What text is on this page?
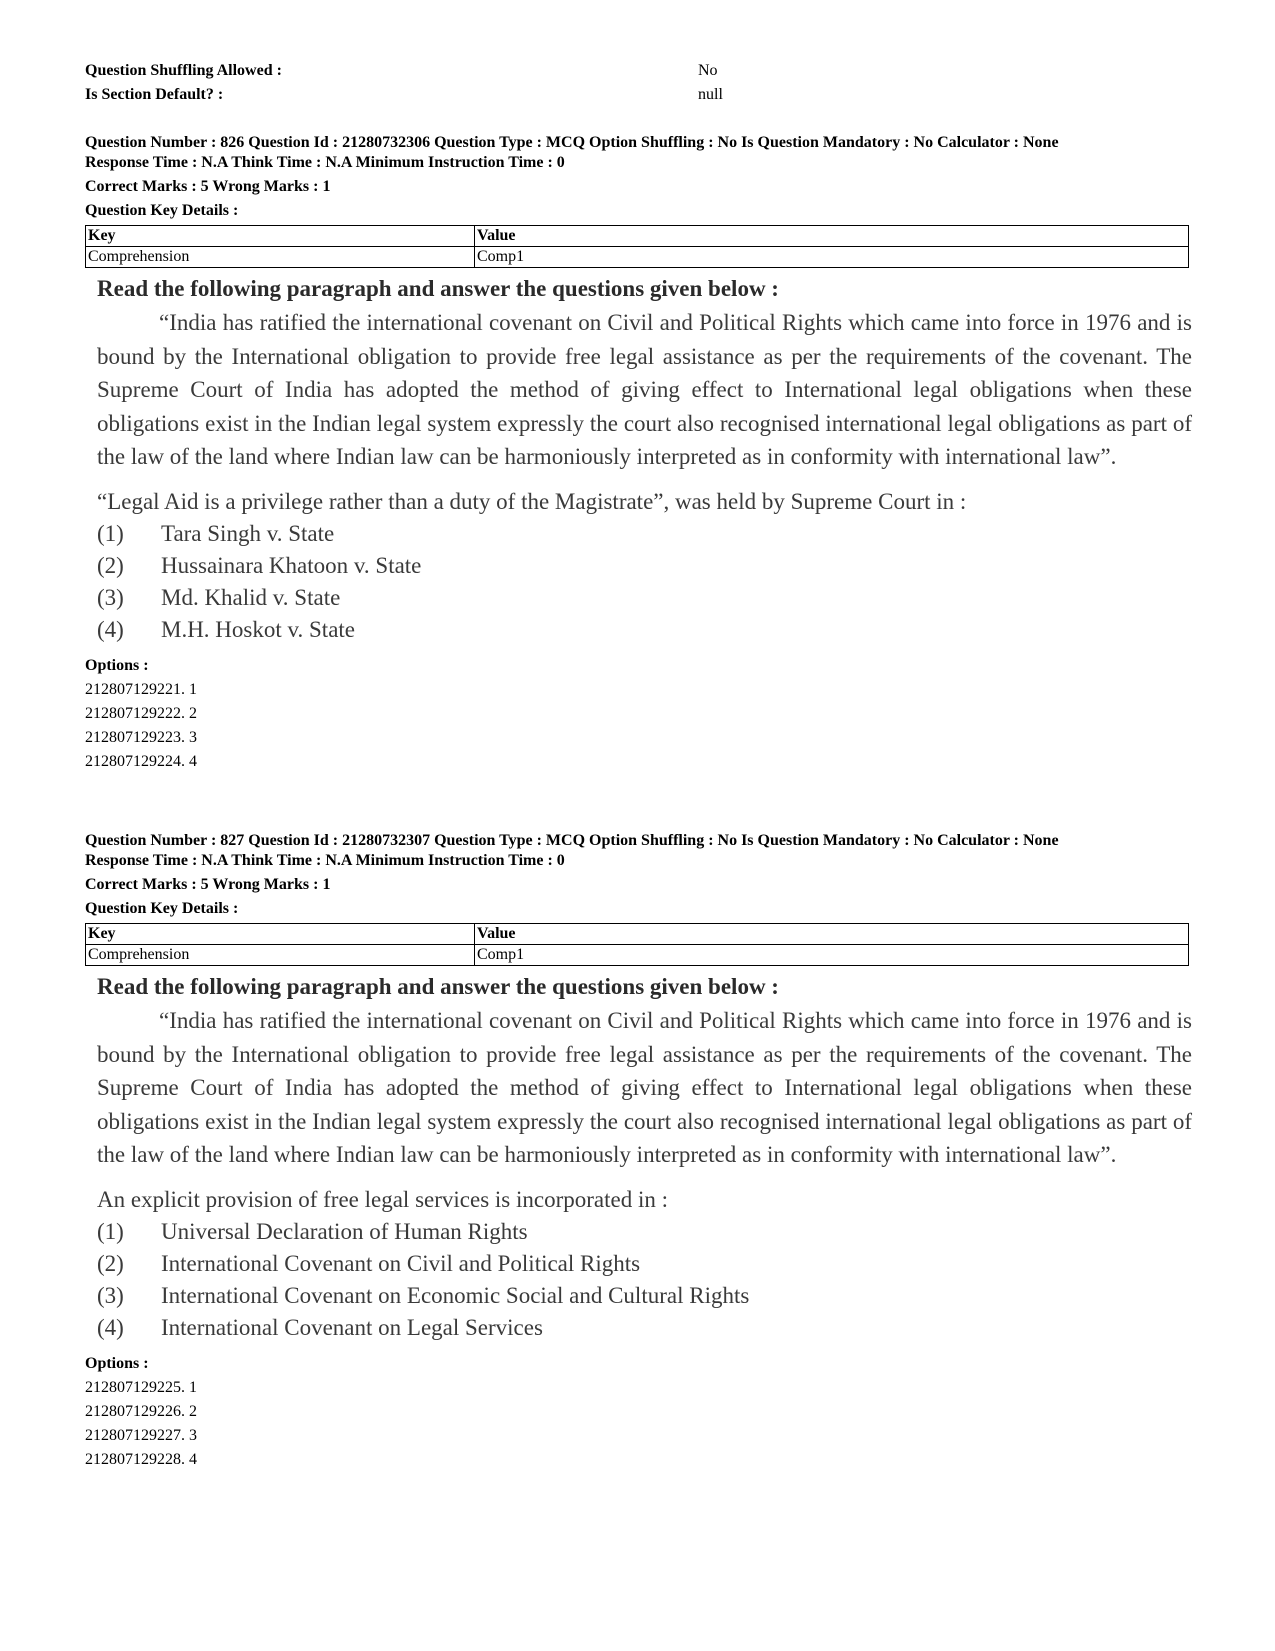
Question Shuffling Allowed :	No
Is Section Default? :	null
Question Number : 826 Question Id : 21280732306 Question Type : MCQ Option Shuffling : No Is Question Mandatory : No Calculator : None
Response Time : N.A Think Time : N.A Minimum Instruction Time : 0
Correct Marks : 5 Wrong Marks : 1
Question Key Details :
Key	Value
Comprehension	Comp1
Read the following paragraph and answer the questions given below :
“India has ratified the international covenant on Civil and Political Rights which came into force in 1976 and is bound by the International obligation to provide free legal assistance as per the requirements of the covenant. The Supreme Court of India has adopted the method of giving effect to International legal obligations when these obligations exist in the Indian legal system expressly the court also recognised international legal obligations as part of the law of the land where Indian law can be harmoniously interpreted as in conformity with international law”.
“Legal Aid is a privilege rather than a duty of the Magistrate”, was held by Supreme Court in :
(1)	Tara Singh v. State
(2)	Hussainara Khatoon v. State
(3)	Md. Khalid v. State
(4)	M.H. Hoskot v. State
Options :
212807129221. 1
212807129222. 2
212807129223. 3
212807129224. 4
Question Number : 827 Question Id : 21280732307 Question Type : MCQ Option Shuffling : No Is Question Mandatory : No Calculator : None
Response Time : N.A Think Time : N.A Minimum Instruction Time : 0
Correct Marks : 5 Wrong Marks : 1
Question Key Details :
Key	Value
Comprehension	Comp1
Read the following paragraph and answer the questions given below :
“India has ratified the international covenant on Civil and Political Rights which came into force in 1976 and is bound by the International obligation to provide free legal assistance as per the requirements of the covenant. The Supreme Court of India has adopted the method of giving effect to International legal obligations when these obligations exist in the Indian legal system expressly the court also recognised international legal obligations as part of the law of the land where Indian law can be harmoniously interpreted as in conformity with international law”.
An explicit provision of free legal services is incorporated in :
(1)	Universal Declaration of Human Rights
(2)	International Covenant on Civil and Political Rights
(3)	International Covenant on Economic Social and Cultural Rights
(4)	International Covenant on Legal Services
Options :
212807129225. 1
212807129226. 2
212807129227. 3
212807129228. 4
